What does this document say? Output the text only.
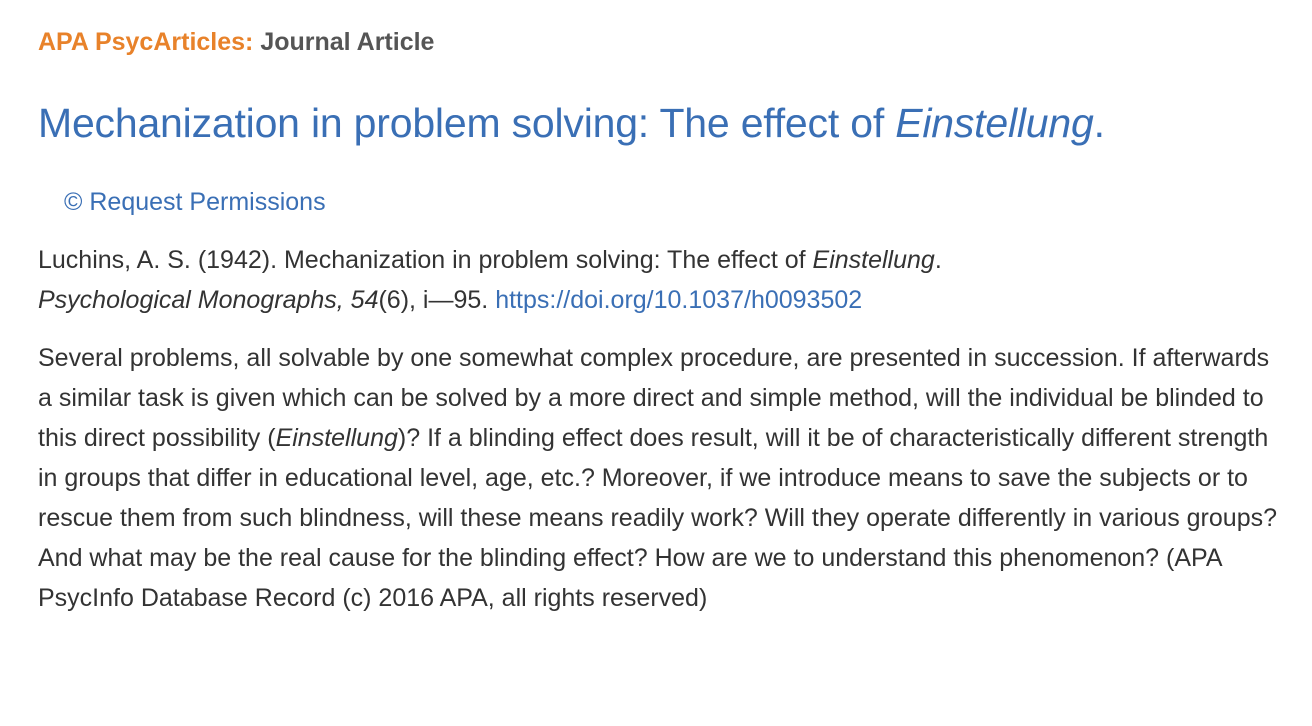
APA PsycArticles: Journal Article
Mechanization in problem solving: The effect of Einstellung.
© Request Permissions
Luchins, A. S. (1942). Mechanization in problem solving: The effect of Einstellung.
Psychological Monographs, 54(6), i—95. https://doi.org/10.1037/h0093502

Several problems, all solvable by one somewhat complex procedure, are presented in succession. If afterwards a similar task is given which can be solved by a more direct and simple method, will the individual be blinded to this direct possibility (Einstellung)? If a blinding effect does result, will it be of characteristically different strength in groups that differ in educational level, age, etc.? Moreover, if we introduce means to save the subjects or to rescue them from such blindness, will these means readily work? Will they operate differently in various groups? And what may be the real cause for the blinding effect? How are we to understand this phenomenon? (APA PsycInfo Database Record (c) 2016 APA, all rights reserved)
